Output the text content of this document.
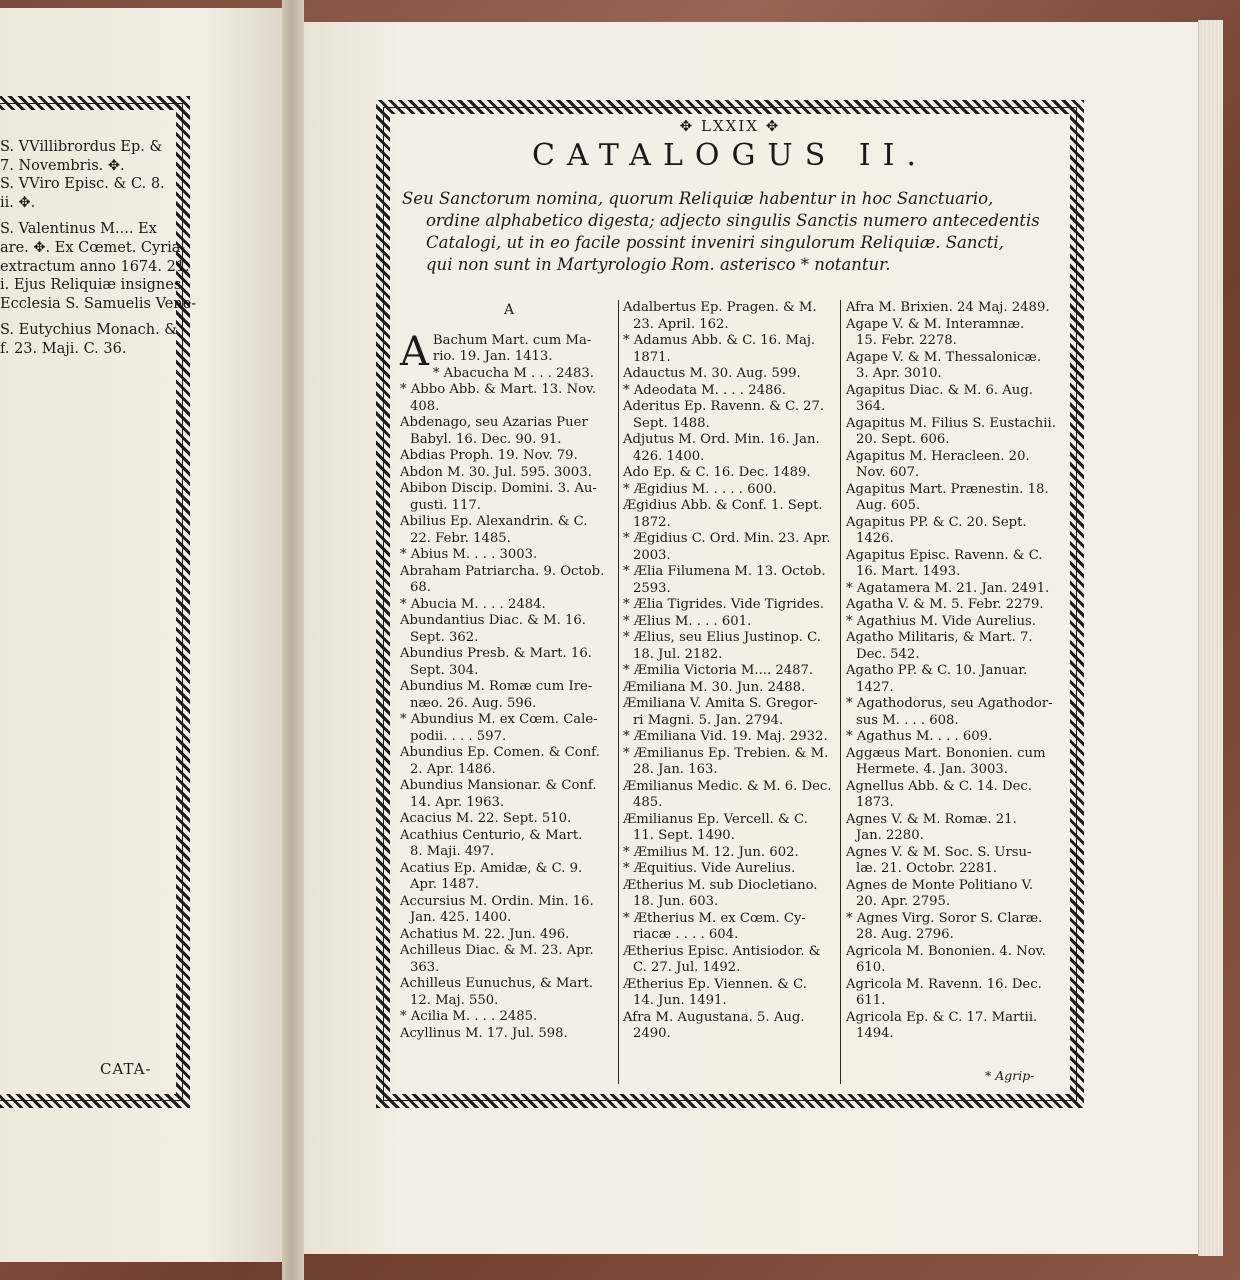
S. VVillibrordus Ep. &
7. Novembris. ✥.
S. VViro Episc. & C. 8.
ii. ✥.
S. Valentinus M.... Ex
are. ✥. Ex Cœmet. Cyria-
extractum anno 1674. 21.
i. Ejus Reliquiæ insignes
Ecclesia S. Samuelis Vene-
S. Eutychius Monach. &
f. 23. Maji. C. 36.
CATA-
✥ LXXIX ✥
CATALOGUS II.
Seu Sanctorum nomina, quorum Reliquiæ habentur in hoc Sanctuario,
ordine alphabetico digesta; adjecto singulis Sanctis numero antecedentis
Catalogi, ut in eo facile possint inveniri singulorum Reliquiæ. Sancti,
qui non sunt in Martyrologio Rom. asterisco * notantur.
A
A Bachum Mart. cum Ma-
rio. 19. Jan. 1413.
* Abacucha M . . . 2483.
* Abbo Abb. & Mart. 13. Nov.
408.
Abdenago, seu Azarias Puer
Babyl. 16. Dec. 90. 91.
Abdias Proph. 19. Nov. 79.
Abdon M. 30. Jul. 595. 3003.
Abibon Discip. Domini. 3. Au-
gusti. 117.
Abilius Ep. Alexandrin. & C.
22. Febr. 1485.
* Abius M. . . . 3003.
Abraham Patriarcha. 9. Octob.
68.
* Abucia M. . . . 2484.
Abundantius Diac. & M. 16.
Sept. 362.
Abundius Presb. & Mart. 16.
Sept. 304.
Abundius M. Romæ cum Ire-
næo. 26. Aug. 596.
* Abundius M. ex Cœm. Cale-
podii. . . . 597.
Abundius Ep. Comen. & Conf.
2. Apr. 1486.
Abundius Mansionar. & Conf.
14. Apr. 1963.
Acacius M. 22. Sept. 510.
Acathius Centurio, & Mart.
8. Maji. 497.
Acatius Ep. Amidæ, & C. 9.
Apr. 1487.
Accursius M. Ordin. Min. 16.
Jan. 425. 1400.
Achatius M. 22. Jun. 496.
Achilleus Diac. & M. 23. Apr.
363.
Achilleus Eunuchus, & Mart.
12. Maj. 550.
* Acilia M. . . . 2485.
Acyllinus M. 17. Jul. 598.
Adalbertus Ep. Pragen. & M.
23. April. 162.
* Adamus Abb. & C. 16. Maj.
1871.
Adauctus M. 30. Aug. 599.
* Adeodata M. . . . 2486.
Aderitus Ep. Ravenn. & C. 27.
Sept. 1488.
Adjutus M. Ord. Min. 16. Jan.
426. 1400.
Ado Ep. & C. 16. Dec. 1489.
* Ægidius M. . . . . 600.
Ægidius Abb. & Conf. 1. Sept.
1872.
* Ægidius C. Ord. Min. 23. Apr.
2003.
* Ælia Filumena M. 13. Octob.
2593.
* Ælia Tigrides. Vide Tigrides.
* Ælius M. . . . 601.
* Ælius, seu Elius Justinop. C.
18. Jul. 2182.
* Æmilia Victoria M.... 2487.
Æmiliana M. 30. Jun. 2488.
Æmiliana V. Amita S. Gregor-
ri Magni. 5. Jan. 2794.
* Æmiliana Vid. 19. Maj. 2932.
* Æmilianus Ep. Trebien. & M.
28. Jan. 163.
Æmilianus Medic. & M. 6. Dec.
485.
Æmilianus Ep. Vercell. & C.
11. Sept. 1490.
* Æmilius M. 12. Jun. 602.
* Æquitius. Vide Aurelius.
Ætherius M. sub Diocletiano.
18. Jun. 603.
* Ætherius M. ex Cœm. Cy-
riacæ . . . . 604.
Ætherius Episc. Antisiodor. &
C. 27. Jul. 1492.
Ætherius Ep. Viennen. & C.
14. Jun. 1491.
Afra M. Augustana. 5. Aug.
2490.
Afra M. Brixien. 24 Maj. 2489.
Agape V. & M. Interamnæ.
15. Febr. 2278.
Agape V. & M. Thessalonicæ.
3. Apr. 3010.
Agapitus Diac. & M. 6. Aug.
364.
Agapitus M. Filius S. Eustachii.
20. Sept. 606.
Agapitus M. Heracleen. 20.
Nov. 607.
Agapitus Mart. Prænestin. 18.
Aug. 605.
Agapitus PP. & C. 20. Sept.
1426.
Agapitus Episc. Ravenn. & C.
16. Mart. 1493.
* Agatamera M. 21. Jan. 2491.
Agatha V. & M. 5. Febr. 2279.
* Agathius M. Vide Aurelius.
Agatho Militaris, & Mart. 7.
Dec. 542.
Agatho PP. & C. 10. Januar.
1427.
* Agathodorus, seu Agathodor-
sus M. . . . 608.
* Agathus M. . . . 609.
Aggæus Mart. Bononien. cum
Hermete. 4. Jan. 3003.
Agnellus Abb. & C. 14. Dec.
1873.
Agnes V. & M. Romæ. 21.
Jan. 2280.
Agnes V. & M. Soc. S. Ursu-
læ. 21. Octobr. 2281.
Agnes de Monte Politiano V.
20. Apr. 2795.
* Agnes Virg. Soror S. Claræ.
28. Aug. 2796.
Agricola M. Bononien. 4. Nov.
610.
Agricola M. Ravenn. 16. Dec.
611.
Agricola Ep. & C. 17. Martii.
1494.
* Agrip-
